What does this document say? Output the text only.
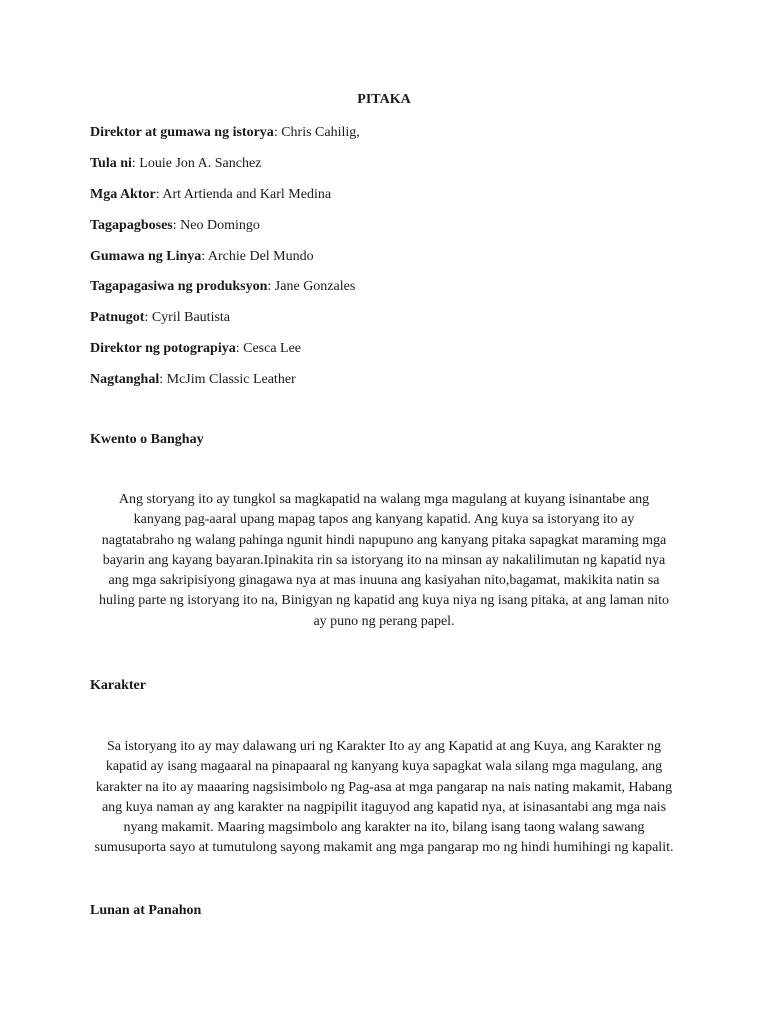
PITAKA
Direktor at gumawa ng istorya: Chris Cahilig,
Tula ni: Louie Jon A. Sanchez
Mga Aktor: Art Artienda and Karl Medina
Tagapagboses: Neo Domingo
Gumawa ng Linya: Archie Del Mundo
Tagapagasiwa ng produksyon: Jane Gonzales
Patnugot: Cyril Bautista
Direktor ng potograpiya: Cesca Lee
Nagtanghal: McJim Classic Leather
Kwento o Banghay
Ang storyang ito ay tungkol sa magkapatid na walang mga magulang at kuyang isinantabe ang
kanyang pag-aaral upang mapag tapos ang kanyang kapatid. Ang kuya sa istoryang ito ay
nagtatabraho ng walang pahinga ngunit hindi napupuno ang kanyang pitaka sapagkat maraming mga
bayarin ang kayang bayaran.Ipinakita rin sa istoryang ito na minsan ay nakalilimutan ng kapatid nya
ang mga sakripisiyong ginagawa nya at mas inuuna ang kasiyahan nito,bagamat, makikita natin sa
huling parte ng istoryang ito na, Binigyan ng kapatid ang kuya niya ng isang pitaka, at ang laman nito
ay puno ng perang papel.
Karakter
Sa istoryang ito ay may dalawang uri ng Karakter Ito ay ang Kapatid at ang Kuya, ang Karakter ng
kapatid ay isang magaaral na pinapaaral ng kanyang kuya sapagkat wala silang mga magulang, ang
karakter na ito ay maaaring nagsisimbolo ng Pag-asa at mga pangarap na nais nating makamit, Habang
ang kuya naman ay ang karakter na nagpipilit itaguyod ang kapatid nya, at isinasantabi ang mga nais
nyang makamit. Maaring magsimbolo ang karakter na ito, bilang isang taong walang sawang
sumusuporta sayo at tumutulong sayong makamit ang mga pangarap mo ng hindi humihingi ng kapalit.
Lunan at Panahon
